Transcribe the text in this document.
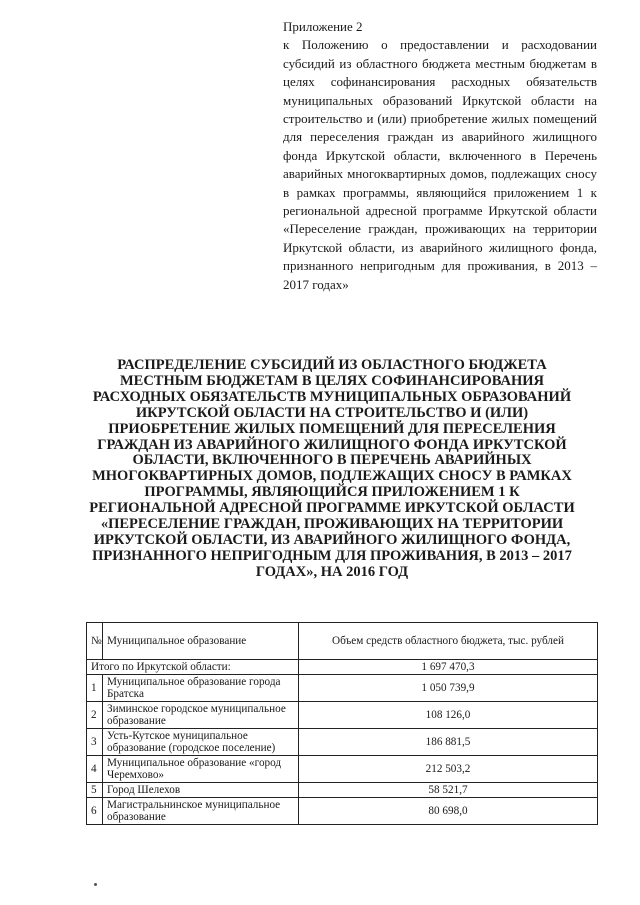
Приложение 2
к Положению о предоставлении и расходовании субсидий из областного бюджета местным бюджетам в целях софинансирования расходных обязательств муниципальных образований Иркутской области на строительство и (или) приобретение жилых помещений для переселения граждан из аварийного жилищного фонда Иркутской области, включенного в Перечень аварийных многоквартирных домов, подлежащих сносу в рамках программы, являющийся приложением 1 к региональной адресной программе Иркутской области «Переселение граждан, проживающих на территории Иркутской области, из аварийного жилищного фонда, признанного непригодным для проживания, в 2013 – 2017 годах»
РАСПРЕДЕЛЕНИЕ СУБСИДИЙ ИЗ ОБЛАСТНОГО БЮДЖЕТА МЕСТНЫМ БЮДЖЕТАМ В ЦЕЛЯХ СОФИНАНСИРОВАНИЯ РАСХОДНЫХ ОБЯЗАТЕЛЬСТВ МУНИЦИПАЛЬНЫХ ОБРАЗОВАНИЙ ИКРУТСКОЙ ОБЛАСТИ НА СТРОИТЕЛЬСТВО И (ИЛИ) ПРИОБРЕТЕНИЕ ЖИЛЫХ ПОМЕЩЕНИЙ ДЛЯ ПЕРЕСЕЛЕНИЯ ГРАЖДАН ИЗ АВАРИЙНОГО ЖИЛИЩНОГО ФОНДА ИРКУТСКОЙ ОБЛАСТИ, ВКЛЮЧЕННОГО В ПЕРЕЧЕНЬ АВАРИЙНЫХ МНОГОКВАРТИРНЫХ ДОМОВ, ПОДЛЕЖАЩИХ СНОСУ В РАМКАХ ПРОГРАММЫ, ЯВЛЯЮЩИЙСЯ ПРИЛОЖЕНИЕМ 1 К РЕГИОНАЛЬНОЙ АДРЕСНОЙ ПРОГРАММЕ ИРКУТСКОЙ ОБЛАСТИ «ПЕРЕСЕЛЕНИЕ ГРАЖДАН, ПРОЖИВАЮЩИХ НА ТЕРРИТОРИИ ИРКУТСКОЙ ОБЛАСТИ, ИЗ АВАРИЙНОГО ЖИЛИЩНОГО ФОНДА, ПРИЗНАННОГО НЕПРИГОДНЫМ ДЛЯ ПРОЖИВАНИЯ, В 2013 – 2017 ГОДАХ», НА 2016 ГОД
№	Муниципальное образование	Объем средств областного бюджета, тыс. рублей
Итого по Иркутской области:		1 697 470,3
1	Муниципальное образование города Братска	1 050 739,9
2	Зиминское городское муниципальное образование	108 126,0
3	Усть-Кутское муниципальное образование (городское поселение)	186 881,5
4	Муниципальное образование «город Черемхово»	212 503,2
5	Город Шелехов	58 521,7
6	Магистральнинское муниципальное образование	80 698,0
